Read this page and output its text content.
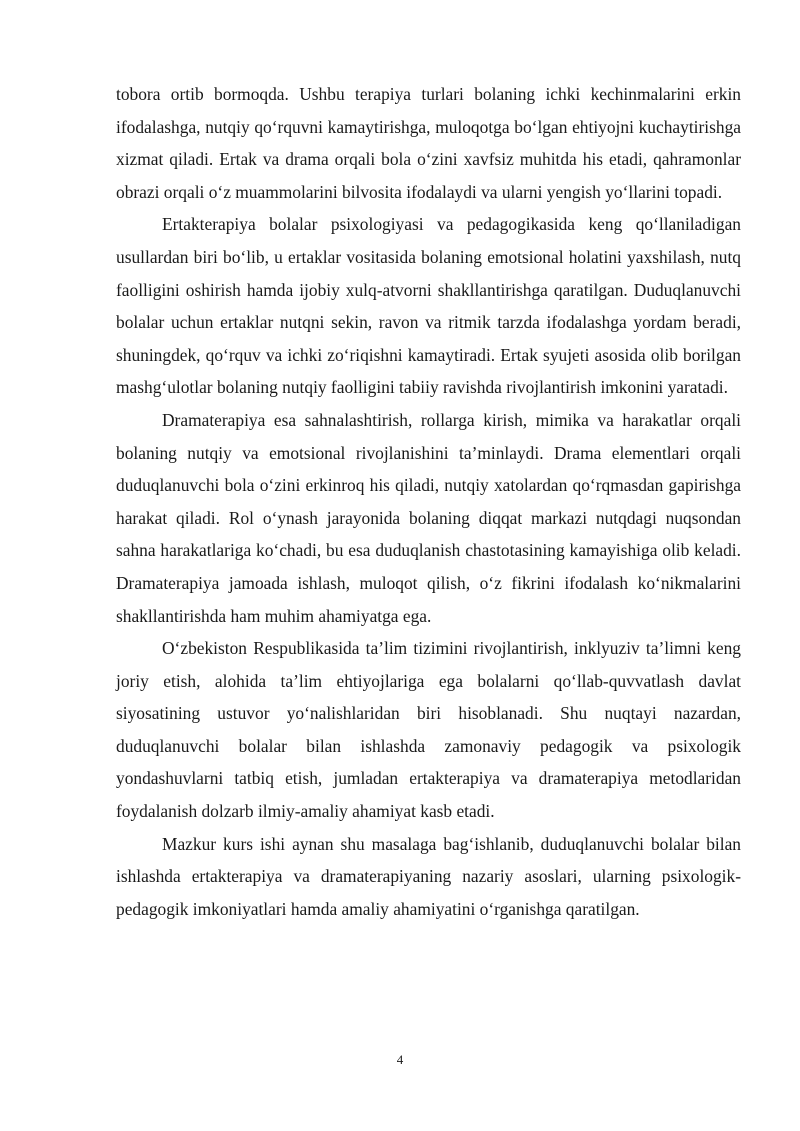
tobora ortib bormoqda. Ushbu terapiya turlari bolaning ichki kechinmalarini erkin ifodalashga, nutqiy qo‘rquvni kamaytirishga, muloqotga bo‘lgan ehtiyojni kuchaytirishga xizmat qiladi. Ertak va drama orqali bola o‘zini xavfsiz muhitda his etadi, qahramonlar obrazi orqali o‘z muammolarini bilvosita ifodalaydi va ularni yengish yo‘llarini topadi.

Ertakterapiya bolalar psixologiyasi va pedagogikasida keng qo‘llaniladigan usullardan biri bo‘lib, u ertaklar vositasida bolaning emotsional holatini yaxshilash, nutq faolligini oshirish hamda ijobiy xulq-atvorni shakllantirishga qaratilgan. Duduqlanuvchi bolalar uchun ertaklar nutqni sekin, ravon va ritmik tarzda ifodalashga yordam beradi, shuningdek, qo‘rquv va ichki zo‘riqishni kamaytiradi. Ertak syujeti asosida olib borilgan mashg‘ulotlar bolaning nutqiy faolligini tabiiy ravishda rivojlantirish imkonini yaratadi.

Dramaterapiya esa sahnalashtirish, rollarga kirish, mimika va harakatlar orqali bolaning nutqiy va emotsional rivojlanishini ta’minlaydi. Drama elementlari orqali duduqlanuvchi bola o‘zini erkinroq his qiladi, nutqiy xatolardan qo‘rqmasdan gapirishga harakat qiladi. Rol o‘ynash jarayonida bolaning diqqat markazi nutqdagi nuqsondan sahna harakatlariga ko‘chadi, bu esa duduqlanish chastotasining kamayishiga olib keladi. Dramaterapiya jamoada ishlash, muloqot qilish, o‘z fikrini ifodalash ko‘nikmalarini shakllantirishda ham muhim ahamiyatga ega.

O‘zbekiston Respublikasida ta’lim tizimini rivojlantirish, inklyuziv ta’limni keng joriy etish, alohida ta’lim ehtiyojlariga ega bolalarni qo‘llab-quvvatlash davlat siyosatining ustuvor yo‘nalishlaridan biri hisoblanadi. Shu nuqtayi nazardan, duduqlanuvchi bolalar bilan ishlashda zamonaviy pedagogik va psixologik yondashuvlarni tatbiq etish, jumladan ertakterapiya va dramaterapiya metodlaridan foydalanish dolzarb ilmiy-amaliy ahamiyat kasb etadi.

Mazkur kurs ishi aynan shu masalaga bag‘ishlanib, duduqlanuvchi bolalar bilan ishlashda ertakterapiya va dramaterapiyaning nazariy asoslari, ularning psixologik-pedagogik imkoniyatlari hamda amaliy ahamiyatini o‘rganishga qaratilgan.

4
